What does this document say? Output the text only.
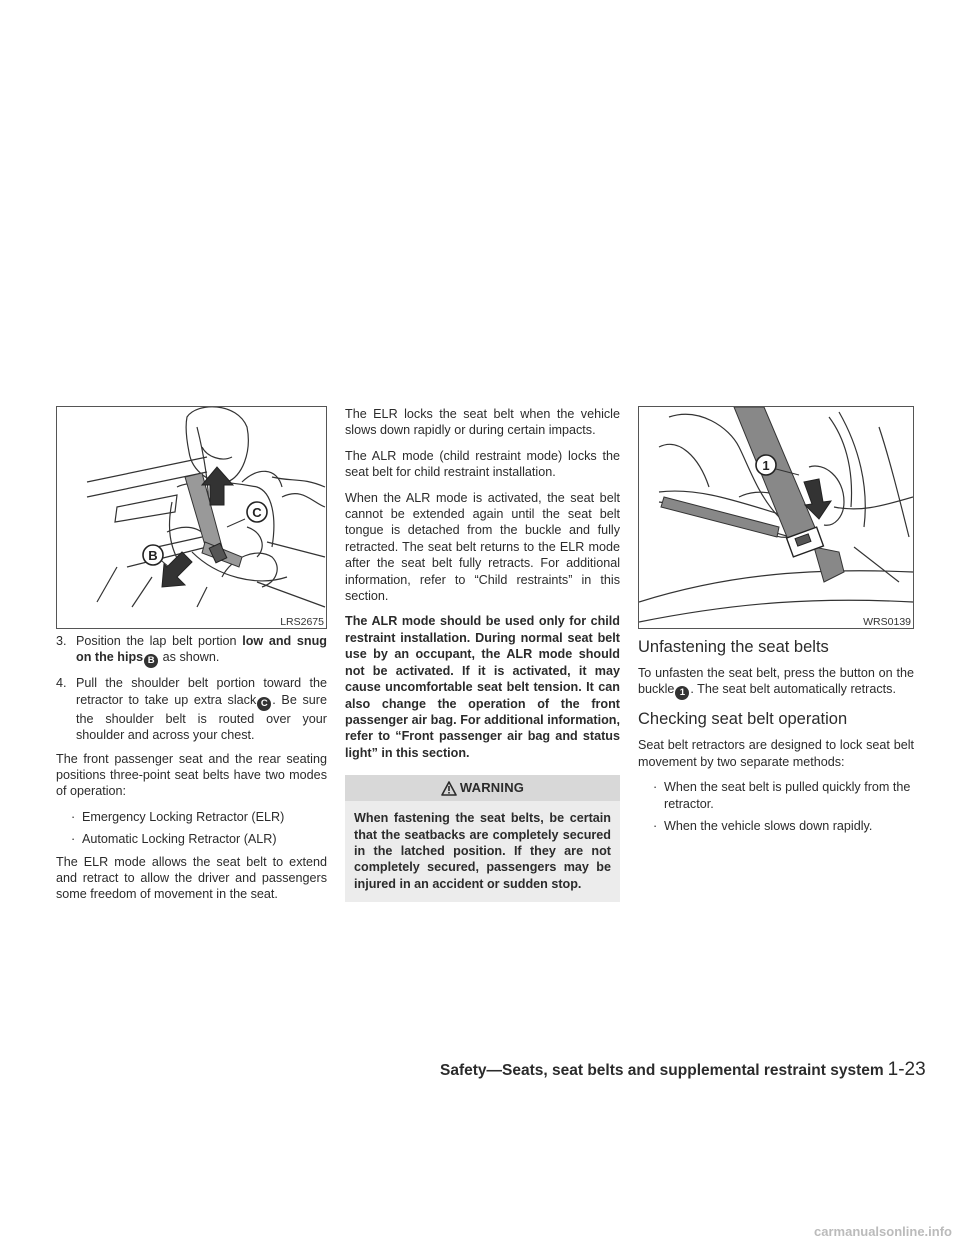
C
B
LRS2675
3. Position the lap belt portion low and snug on the hips B as shown.
4. Pull the shoulder belt portion toward the retractor to take up extra slack C . Be sure the shoulder belt is routed over your shoulder and across your chest.

The front passenger seat and the rear seating positions three-point seat belts have two modes of operation:

· Emergency Locking Retractor (ELR)
· Automatic Locking Retractor (ALR)

The ELR mode allows the seat belt to extend and retract to allow the driver and passengers some freedom of movement in the seat.

The ELR locks the seat belt when the vehicle slows down rapidly or during certain impacts.

The ALR mode (child restraint mode) locks the seat belt for child restraint installation.

When the ALR mode is activated, the seat belt cannot be extended again until the seat belt tongue is detached from the buckle and fully retracted. The seat belt returns to the ELR mode after the seat belt fully retracts. For additional information, refer to “Child restraints” in this section.

The ALR mode should be used only for child restraint installation. During normal seat belt use by an occupant, the ALR mode should not be activated. If it is activated, it may cause uncomfortable seat belt tension. It can also change the operation of the front passenger air bag. For additional information, refer to “Front passenger air bag and status light” in this section.

WARNING
When fastening the seat belts, be certain that the seatbacks are completely secured in the latched position. If they are not completely secured, passengers may be injured in an accident or sudden stop.
1
WRS0139
Unfastening the seat belts

To unfasten the seat belt, press the button on the buckle 1 . The seat belt automatically retracts.

Checking seat belt operation

Seat belt retractors are designed to lock seat belt movement by two separate methods:

· When the seat belt is pulled quickly from the retractor.
· When the vehicle slows down rapidly.
Safety—Seats, seat belts and supplemental restraint system 1-23
carmanualsonline.info
